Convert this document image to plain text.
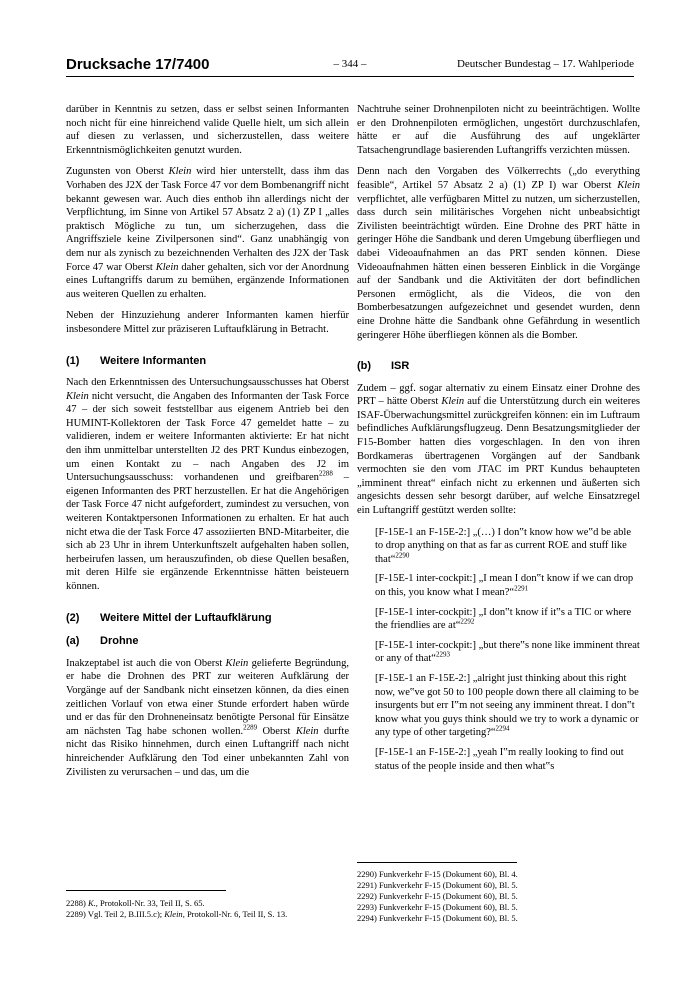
Drucksache 17/7400	– 344 –	Deutscher Bundestag – 17. Wahlperiode

darüber in Kenntnis zu setzen, dass er selbst seinen Informanten noch nicht für eine hinreichend valide Quelle hielt, um sich allein auf diesen zu verlassen, und sicherzustellen, dass weitere Erkenntnismöglichkeiten genutzt wurden.

Zugunsten von Oberst Klein wird hier unterstellt, dass ihm das Vorhaben des J2X der Task Force 47 vor dem Bombenangriff nicht bekannt gewesen war. Auch dies enthob ihn allerdings nicht der Verpflichtung, im Sinne von Artikel 57 Absatz 2 a) (1) ZP I „alles praktisch Mögliche zu tun, um sicherzugehen, dass die Angriffsziele keine Zivilpersonen sind“. Ganz unabhängig von dem nur als zynisch zu bezeichnenden Verhalten des J2X der Task Force 47 war Oberst Klein daher gehalten, sich vor der Anordnung eines Luftangriffs darum zu bemühen, ergänzende Informationen aus weiteren Quellen zu erhalten.

Neben der Hinzuziehung anderer Informanten kamen hierfür insbesondere Mittel zur präziseren Luftaufklärung in Betracht.

(1) Weitere Informanten

Nach den Erkenntnissen des Untersuchungsausschusses hat Oberst Klein nicht versucht, die Angaben des Informanten der Task Force 47 – der sich soweit feststellbar aus eigenem Antrieb bei den HUMINT-Kollektoren der Task Force 47 gemeldet hatte – zu validieren, indem er weitere Informanten aktivierte: Er hat nicht den ihm unmittelbar unterstellten J2 des PRT Kundus einbezogen, um einen Kontakt zu – nach Angaben des J2 im Untersuchungsausschuss: vorhandenen und greifbaren$^{2288}$ – eigenen Informanten des PRT herzustellen. Er hat die Angehörigen der Task Force 47 nicht aufgefordert, zumindest zu versuchen, von weiteren Kontaktpersonen Informationen zu erhalten. Er hat auch nicht etwa die der Task Force 47 assoziierten BND-Mitarbeiter, die sich ab 23 Uhr in ihrem Unterkunftszelt aufgehalten haben sollen, herbeirufen lassen, um herauszufinden, ob diese Quellen besaßen, mit deren Hilfe sie ergänzende Erkenntnisse hätten beisteuern können.

(2) Weitere Mittel der Luftaufklärung
(a) Drohne

Inakzeptabel ist auch die von Oberst Klein gelieferte Begründung, er habe die Drohnen des PRT zur weiteren Aufklärung der Vorgänge auf der Sandbank nicht einsetzen können, da dies einen zeitlichen Vorlauf von etwa einer Stunde erfordert haben würde und er das für den Drohneneinsatz benötigte Personal für Einsätze am nächsten Tag habe schonen wollen.$^{2289}$ Oberst Klein durfte nicht das Risiko hinnehmen, durch einen Luftangriff nach nicht hinreichender Aufklärung den Tod einer unbekannten Zahl von Zivilisten zu verursachen – und das, um die

Nachtruhe seiner Drohnenpiloten nicht zu beeinträchtigen. Wollte er den Drohnenpiloten ermöglichen, ungestört durchzuschlafen, hätte er auf die Ausführung des auf ungeklärter Tatsachengrundlage basierenden Luftangriffs verzichten müssen.

Denn nach den Vorgaben des Völkerrechts („do everything feasible“, Artikel 57 Absatz 2 a) (1) ZP I) war Oberst Klein verpflichtet, alle verfügbaren Mittel zu nutzen, um sicherzustellen, dass durch sein militärisches Vorgehen nicht unbeabsichtigt Zivilisten beeinträchtigt würden. Eine Drohne des PRT hätte in geringer Höhe die Sandbank und deren Umgebung überfliegen und dabei Videoaufnahmen an das PRT senden können. Diese Videoaufnahmen hätten einen besseren Einblick in die Vorgänge auf der Sandbank und die Aktivitäten der dort befindlichen Personen ermöglicht, als die Videos, die von den Bomberbesatzungen aufgezeichnet und gesendet wurden, denn eine Drohne hätte die Sandbank ohne Gefährdung in wesentlich geringerer Höhe überfliegen können als die Bomber.

(b) ISR

Zudem – ggf. sogar alternativ zu einem Einsatz einer Drohne des PRT – hätte Oberst Klein auf die Unterstützung durch ein weiteres ISAF-Überwachungsmittel zurückgreifen können: ein im Luftraum befindliches Aufklärungsflugzeug. Denn Besatzungsmitglieder der F15-Bomber hatten dies vorgeschlagen. In den von ihren Bordkameras übertragenen Vorgängen auf der Sandbank vermochten sie den vom JTAC im PRT Kundus behaupteten „imminent threat“ einfach nicht zu erkennen und äußerten sich angesichts dessen sehr besorgt darüber, auf welche Einsatzregel ein Luftangriff gestützt werden sollte:

[F-15E-1 an F-15E-2:] „(…) I don‟t know how we‟d be able to drop anything on that as far as current ROE and stuff like that“$^{2290}$

[F-15E-1 inter-cockpit:] „I mean I don‟t know if we can drop on this, you know what I mean?“$^{2291}$

[F-15E-1 inter-cockpit:] „I don‟t know if it‟s a TIC or where the friendlies are at“$^{2292}$

[F-15E-1 inter-cockpit:] „but there‟s none like imminent threat or any of that“$^{2293}$

[F-15E-1 an F-15E-2:] „alright just thinking about this right now, we‟ve got 50 to 100 people down there all claiming to be insurgents but err I‟m not seeing any imminent threat. I don‟t know what you guys think should we try to work a dynamic or any type of other targeting?“$^{2294}$

[F-15E-1 an F-15E-2:] „yeah I‟m really looking to find out status of the people inside and then what‟s

2288) K., Protokoll-Nr. 33, Teil II, S. 65.
2289) Vgl. Teil 2, B.III.5.c); Klein, Protokoll-Nr. 6, Teil II, S. 13.
2290) Funkverkehr F-15 (Dokument 60), Bl. 4.
2291) Funkverkehr F-15 (Dokument 60), Bl. 5.
2292) Funkverkehr F-15 (Dokument 60), Bl. 5.
2293) Funkverkehr F-15 (Dokument 60), Bl. 5.
2294) Funkverkehr F-15 (Dokument 60), Bl. 5.
